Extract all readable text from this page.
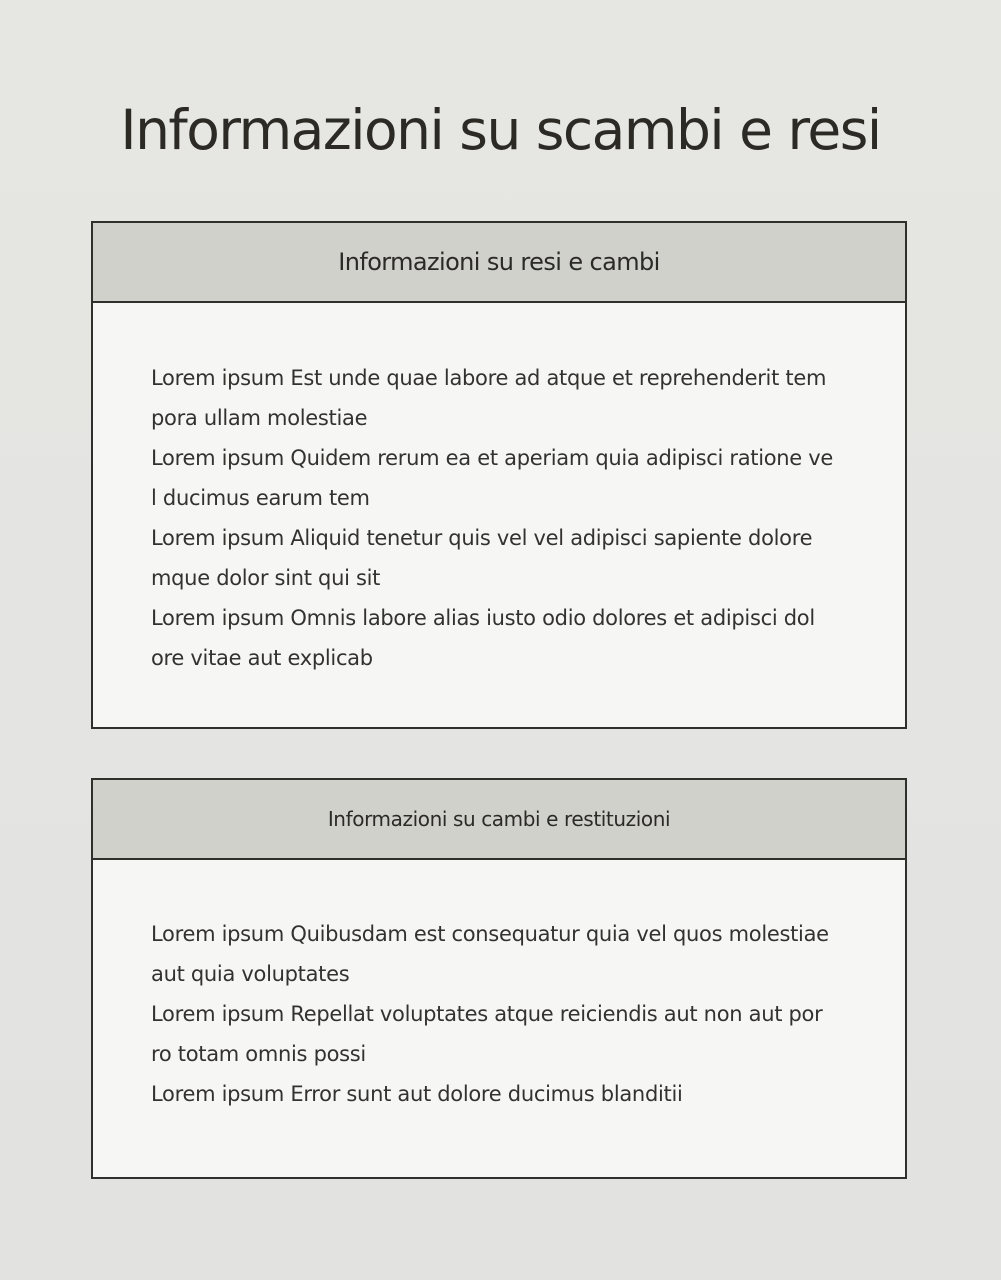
Informazioni su scambi e resi
Informazioni su resi e cambi
Lorem ipsum Est unde quae labore ad atque et reprehenderit tem
pora ullam molestiae
Lorem ipsum Quidem rerum ea et aperiam quia adipisci ratione ve
l ducimus earum tem
Lorem ipsum Aliquid tenetur quis vel vel adipisci sapiente dolore
mque dolor sint qui sit
Lorem ipsum Omnis labore alias iusto odio dolores et adipisci dol
ore vitae aut explicab
Informazioni su cambi e restituzioni
Lorem ipsum Quibusdam est consequatur quia vel quos molestiae
aut quia voluptates
Lorem ipsum Repellat voluptates atque reiciendis aut non aut por
ro totam omnis possi
Lorem ipsum Error sunt aut dolore ducimus blanditii
